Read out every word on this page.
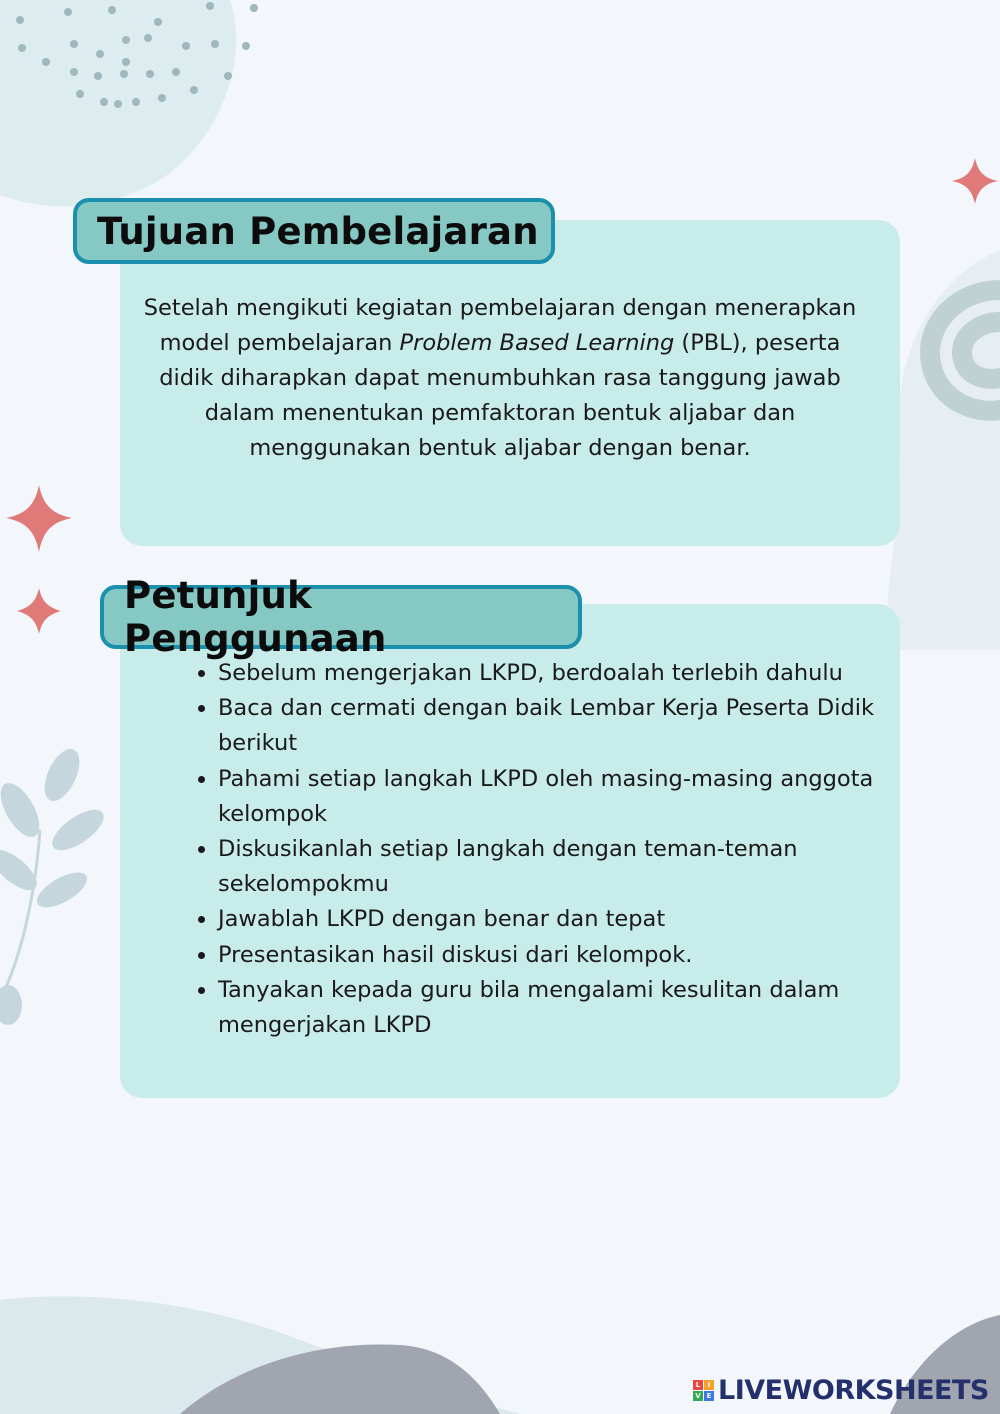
Tujuan Pembelajaran
Setelah mengikuti kegiatan pembelajaran dengan menerapkan model pembelajaran Problem Based Learning (PBL), peserta didik diharapkan dapat menumbuhkan rasa tanggung jawab dalam menentukan pemfaktoran bentuk aljabar dan menggunakan bentuk aljabar dengan benar.
Petunjuk Penggunaan
• Sebelum mengerjakan LKPD, berdoalah terlebih dahulu
• Baca dan cermati dengan baik Lembar Kerja Peserta Didik berikut
• Pahami setiap langkah LKPD oleh masing-masing anggota kelompok
• Diskusikanlah setiap langkah dengan teman-teman sekelompokmu
• Jawablah LKPD dengan benar dan tepat
• Presentasikan hasil diskusi dari kelompok.
• Tanyakan kepada guru bila mengalami kesulitan dalam mengerjakan LKPD
L	I
V E LIVEWORKSHEETS
